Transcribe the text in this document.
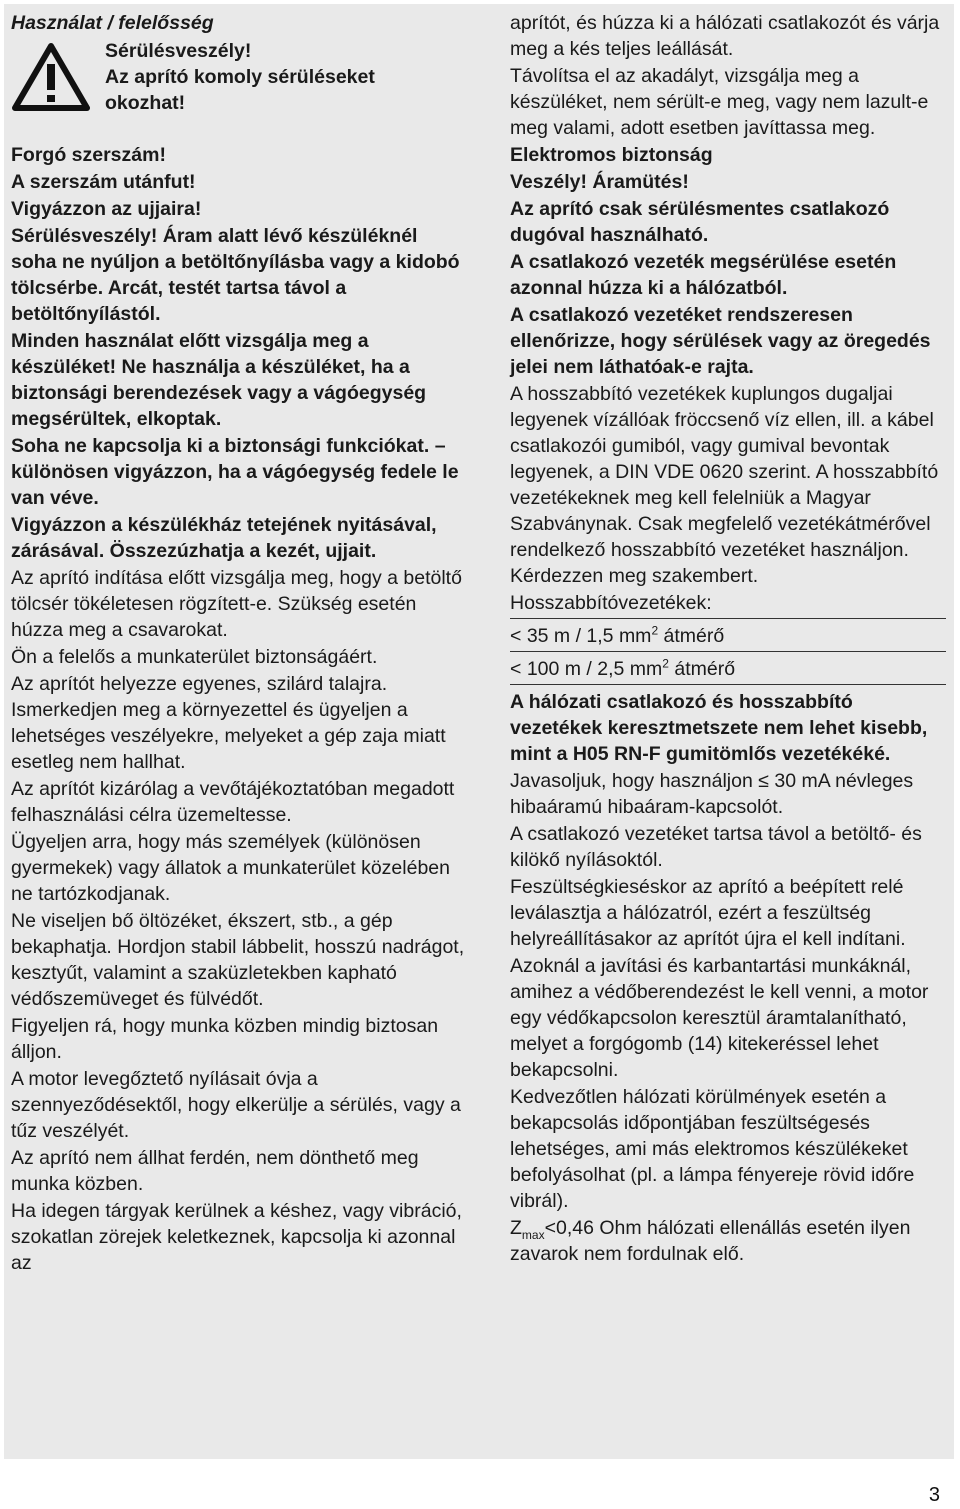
Használat / felelősség
Sérülésveszély!
Az aprító komoly sérüléseket
okozhat!
Forgó szerszám!
A szerszám utánfut!
Vigyázzon az ujjaira!
Sérülésveszély! Áram alatt lévő készüléknél soha ne nyúljon a betöltőnyílásba vagy a kidobó tölcsérbe. Arcát, testét tartsa távol a betöltőnyílástól.
Minden használat előtt vizsgálja meg a készüléket! Ne használja a készüléket, ha a biztonsági berendezések vagy a vágóegység megsérültek, elkoptak.
Soha ne kapcsolja ki a biztonsági funkciókat. – különösen vigyázzon, ha a vágóegység fedele le van véve.
Vigyázzon a készülékház tetejének nyitásával, zárásával. Összezúzhatja a kezét, ujjait.
Az aprító indítása előtt vizsgálja meg, hogy a betöltő tölcsér tökéletesen rögzített-e. Szükség esetén húzza meg a csavarokat.
Ön a felelős a munkaterület biztonságáért.
Az aprítót helyezze egyenes, szilárd talajra. Ismerkedjen meg a környezettel és ügyeljen a lehetséges veszélyekre, melyeket a gép zaja miatt esetleg nem hallhat.
Az aprítót kizárólag a vevőtájékoztatóban megadott felhasználási célra üzemeltesse.
Ügyeljen arra, hogy más személyek (különösen gyermekek) vagy állatok a munkaterület közelében ne tartózkodjanak.
Ne viseljen bő öltözéket, ékszert, stb., a gép bekaphatja. Hordjon stabil lábbelit, hosszú nadrágot, kesztyűt, valamint a szaküzletekben kapható védőszemüveget és fülvédőt.
Figyeljen rá, hogy munka közben mindig biztosan álljon.
A motor levegőztető nyílásait óvja a szennyeződésektől, hogy elkerülje a sérülés, vagy a tűz veszélyét.
Az aprító nem állhat ferdén, nem dönthető meg munka közben.
Ha idegen tárgyak kerülnek a késhez, vagy vibráció, szokatlan zörejek keletkeznek, kapcsolja ki azonnal az
aprítót, és húzza ki a hálózati csatlakozót és várja meg a kés teljes leállását.
Távolítsa el az akadályt, vizsgálja meg a készüléket, nem sérült-e meg, vagy nem lazult-e meg valami, adott esetben javíttassa meg.
Elektromos biztonság
Veszély! Áramütés!
Az aprító csak sérülésmentes csatlakozó dugóval használható.
A csatlakozó vezeték megsérülése esetén azonnal húzza ki a hálózatból.
A csatlakozó vezetéket rendszeresen ellenőrizze, hogy sérülések vagy az öregedés jelei nem láthatóak-e rajta.
A hosszabbító vezetékek kuplungos dugaljai legyenek vízállóak fröccsenő víz ellen, ill. a kábel csatlakozói gumiból, vagy gumival bevontak legyenek, a DIN VDE 0620 szerint. A hosszabbító vezetékeknek meg kell felelniük a Magyar Szabványnak. Csak megfelelő vezetékátmérővel rendelkező hosszabbító vezetéket használjon. Kérdezzen meg szakembert.
Hosszabbítóvezetékek:
< 35 m / 1,5 $mm^2$ átmérő
< 100 m / 2,5 $mm^2$ átmérő
A hálózati csatlakozó és hosszabbító vezetékek keresztmetszete nem lehet kisebb, mint a H05 RN-F gumitömlős vezetékéké.
Javasoljuk, hogy használjon ≤ 30 mA névleges hibaáramú hibaáram-kapcsolót.
A csatlakozó vezetéket tartsa távol a betöltő- és kilökő nyílásoktól.
Feszültségkieséskor az aprító a beépített relé leválasztja a hálózatról, ezért a feszültség helyreállításakor az aprítót újra el kell indítani.
Azoknál a javítási és karbantartási munkáknál, amihez a védőberendezést le kell venni, a motor egy védőkapcsolon keresztül áramtalanítható, melyet a forgógomb (14) kitekeréssel lehet bekapcsolni.
Kedvezőtlen hálózati körülmények esetén a bekapcsolás időpontjában feszültségesés lehetséges, ami más elektromos készülékeket befolyásolhat (pl. a lámpa fényereje rövid időre vibrál).
$Z_{max}<0,46$ Ohm hálózati ellenállás esetén ilyen zavarok nem fordulnak elő.
3
